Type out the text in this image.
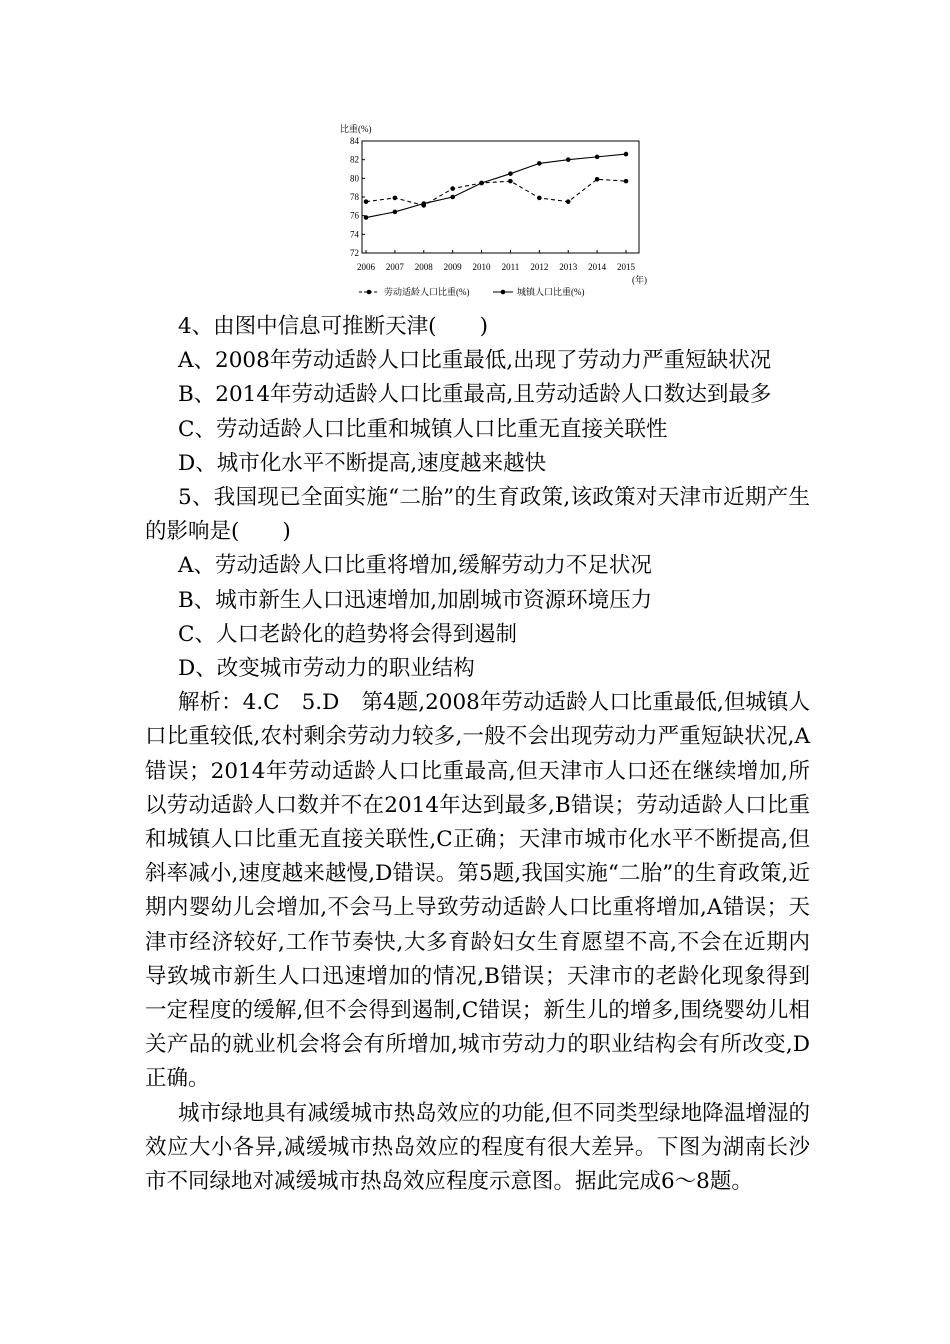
比重(%)
72
74
76
78
80
82
84
2006 2007 2008 2009 2010 2011 2012 2013 2014 2015
(年)
劳动适龄人口比重(%)	城镇人口比重(%)

4、由图中信息可推断天津(　　)

A、2008年劳动适龄人口比重最低,出现了劳动力严重短缺状况

B、2014年劳动适龄人口比重最高,且劳动适龄人口数达到最多

C、劳动适龄人口比重和城镇人口比重无直接关联性

D、城市化水平不断提高,速度越来越快

5、我国现已全面实施“二胎”的生育政策,该政策对天津市近期产生的影响是(　　)

A、劳动适龄人口比重将增加,缓解劳动力不足状况

B、城市新生人口迅速增加,加剧城市资源环境压力

C、人口老龄化的趋势将会得到遏制

D、改变城市劳动力的职业结构

解析：4.C 5.D 第4题,2008年劳动适龄人口比重最低,但城镇人口比重较低,农村剩余劳动力较多,一般不会出现劳动力严重短缺状况,A错误；2014年劳动适龄人口比重最高,但天津市人口还在继续增加,所以劳动适龄人口数并不在2014年达到最多,B错误；劳动适龄人口比重和城镇人口比重无直接关联性,C正确；天津市城市化水平不断提高,但斜率减小,速度越来越慢,D错误。第5题,我国实施“二胎”的生育政策,近期内婴幼儿会增加,不会马上导致劳动适龄人口比重将增加,A错误；天津市经济较好,工作节奏快,大多育龄妇女生育愿望不高,不会在近期内导致城市新生人口迅速增加的情况,B错误；天津市的老龄化现象得到一定程度的缓解,但不会得到遏制,C错误；新生儿的增多,围绕婴幼儿相关产品的就业机会将会有所增加,城市劳动力的职业结构会有所改变,D正确。

城市绿地具有减缓城市热岛效应的功能,但不同类型绿地降温增湿的效应大小各异,减缓城市热岛效应的程度有很大差异。下图为湖南长沙市不同绿地对减缓城市热岛效应程度示意图。据此完成6～8题。
